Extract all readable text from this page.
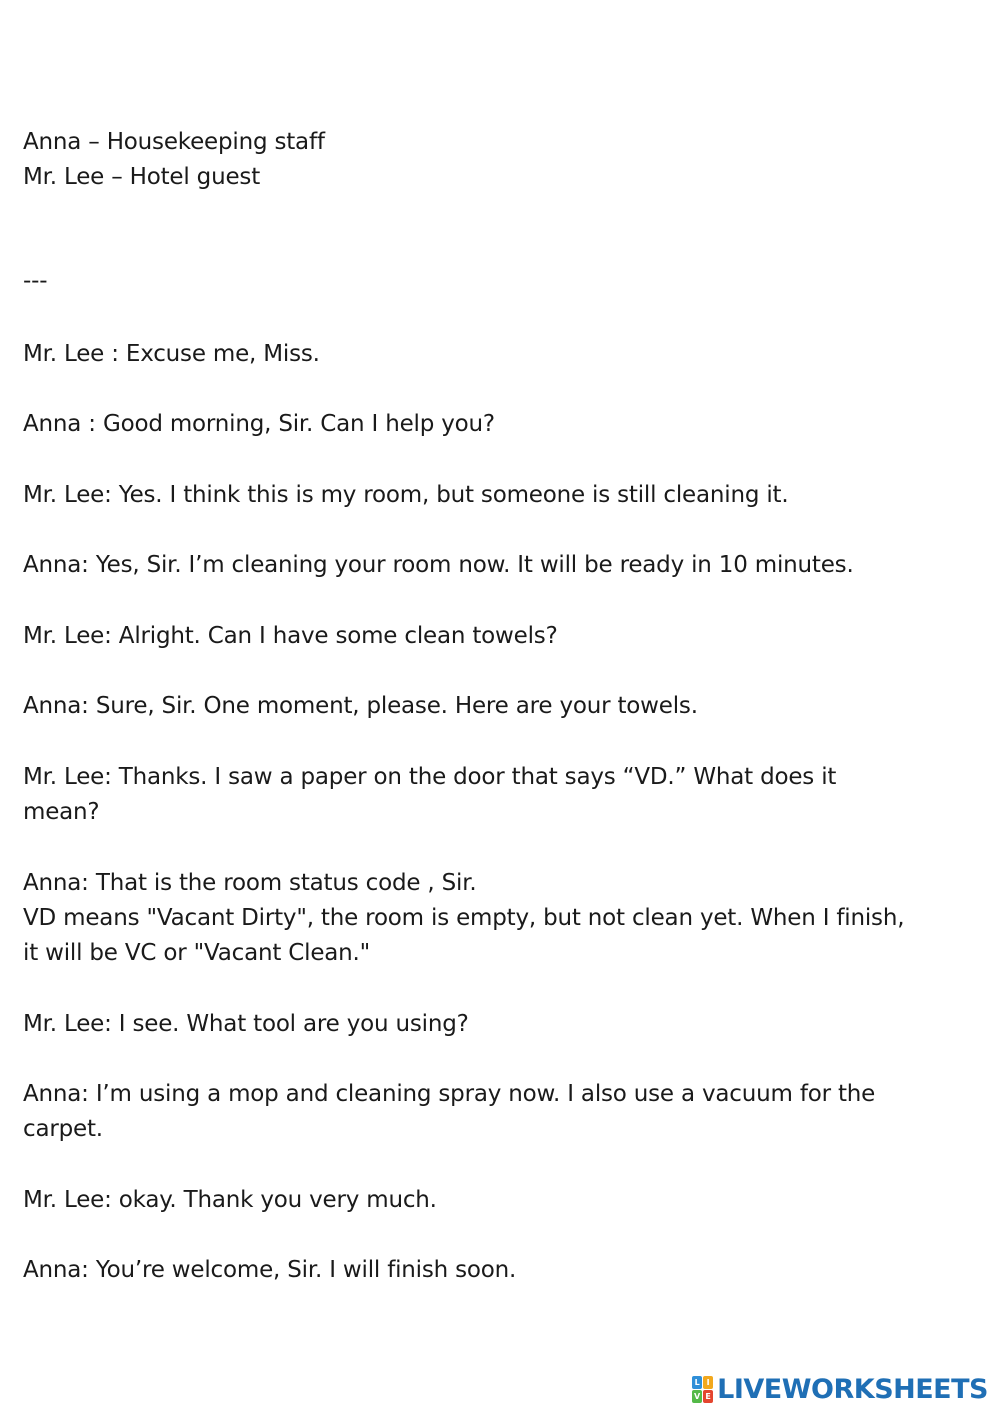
Anna – Housekeeping staff
Mr. Lee – Hotel guest
---
Mr. Lee : Excuse me, Miss.
Anna : Good morning, Sir. Can I help you?
Mr. Lee: Yes. I think this is my room, but someone is still cleaning it.
Anna: Yes, Sir. I’m cleaning your room now. It will be ready in 10 minutes.
Mr. Lee: Alright. Can I have some clean towels?
Anna: Sure, Sir. One moment, please. Here are your towels.
Mr. Lee: Thanks. I saw a paper on the door that says “VD.” What does it
mean?
Anna: That is the room status code , Sir.
VD means "Vacant Dirty", the room is empty, but not clean yet. When I finish,
it will be VC or "Vacant Clean."
Mr. Lee: I see. What tool are you using?
Anna: I’m using a mop and cleaning spray now. I also use a vacuum for the
carpet.
Mr. Lee: okay. Thank you very much.
Anna: You’re welcome, Sir. I will finish soon.
L I
V E LIVEWORKSHEETS
